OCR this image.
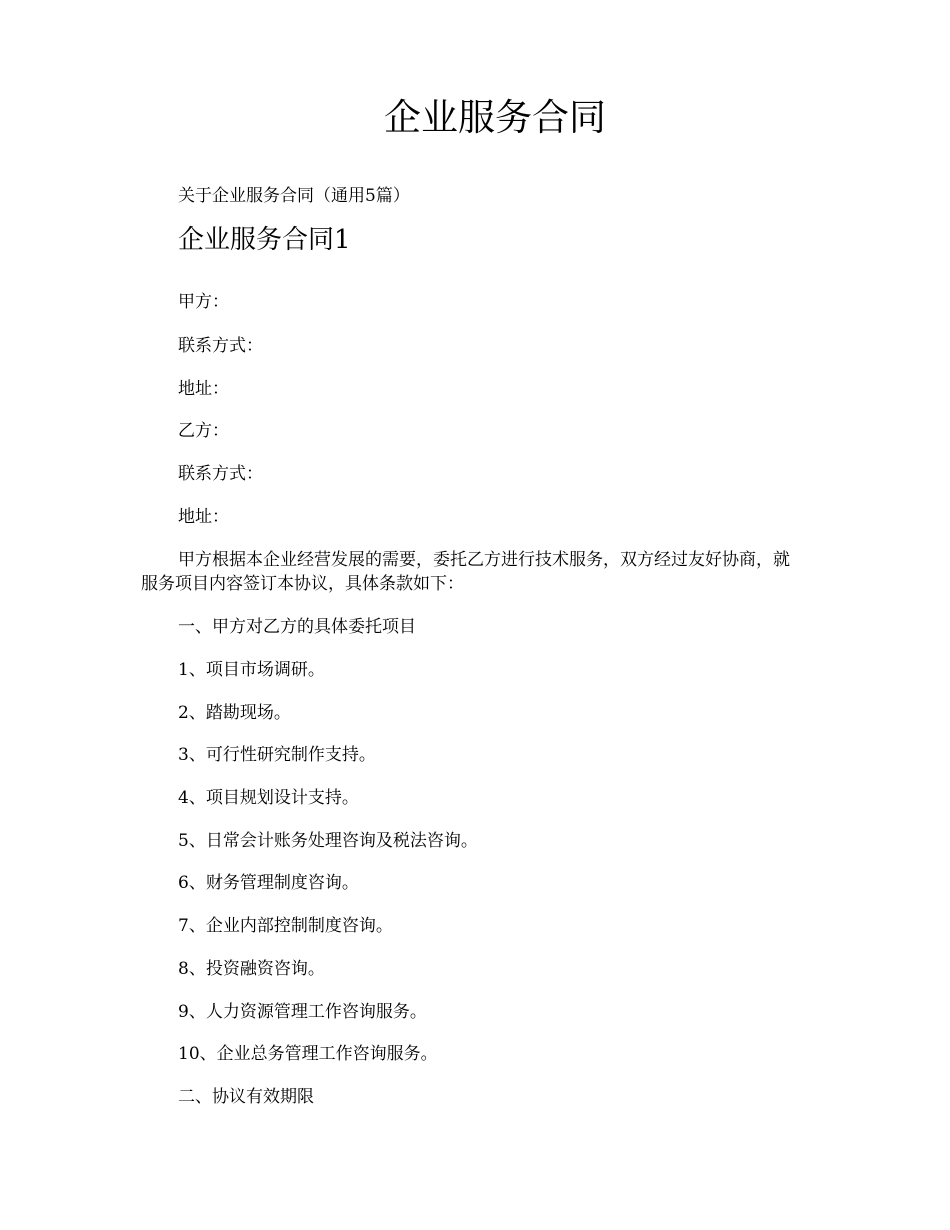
企业服务合同

关于企业服务合同（通用5篇）

企业服务合同1

甲方：

联系方式：

地址：

乙方：

联系方式：

地址：

甲方根据本企业经营发展的需要，委托乙方进行技术服务，双方经过友好协商，就服务项目内容签订本协议，具体条款如下：

一、甲方对乙方的具体委托项目

1、项目市场调研。

2、踏勘现场。

3、可行性研究制作支持。

4、项目规划设计支持。

5、日常会计账务处理咨询及税法咨询。

6、财务管理制度咨询。

7、企业内部控制制度咨询。

8、投资融资咨询。

9、人力资源管理工作咨询服务。

10、企业总务管理工作咨询服务。

二、协议有效期限
